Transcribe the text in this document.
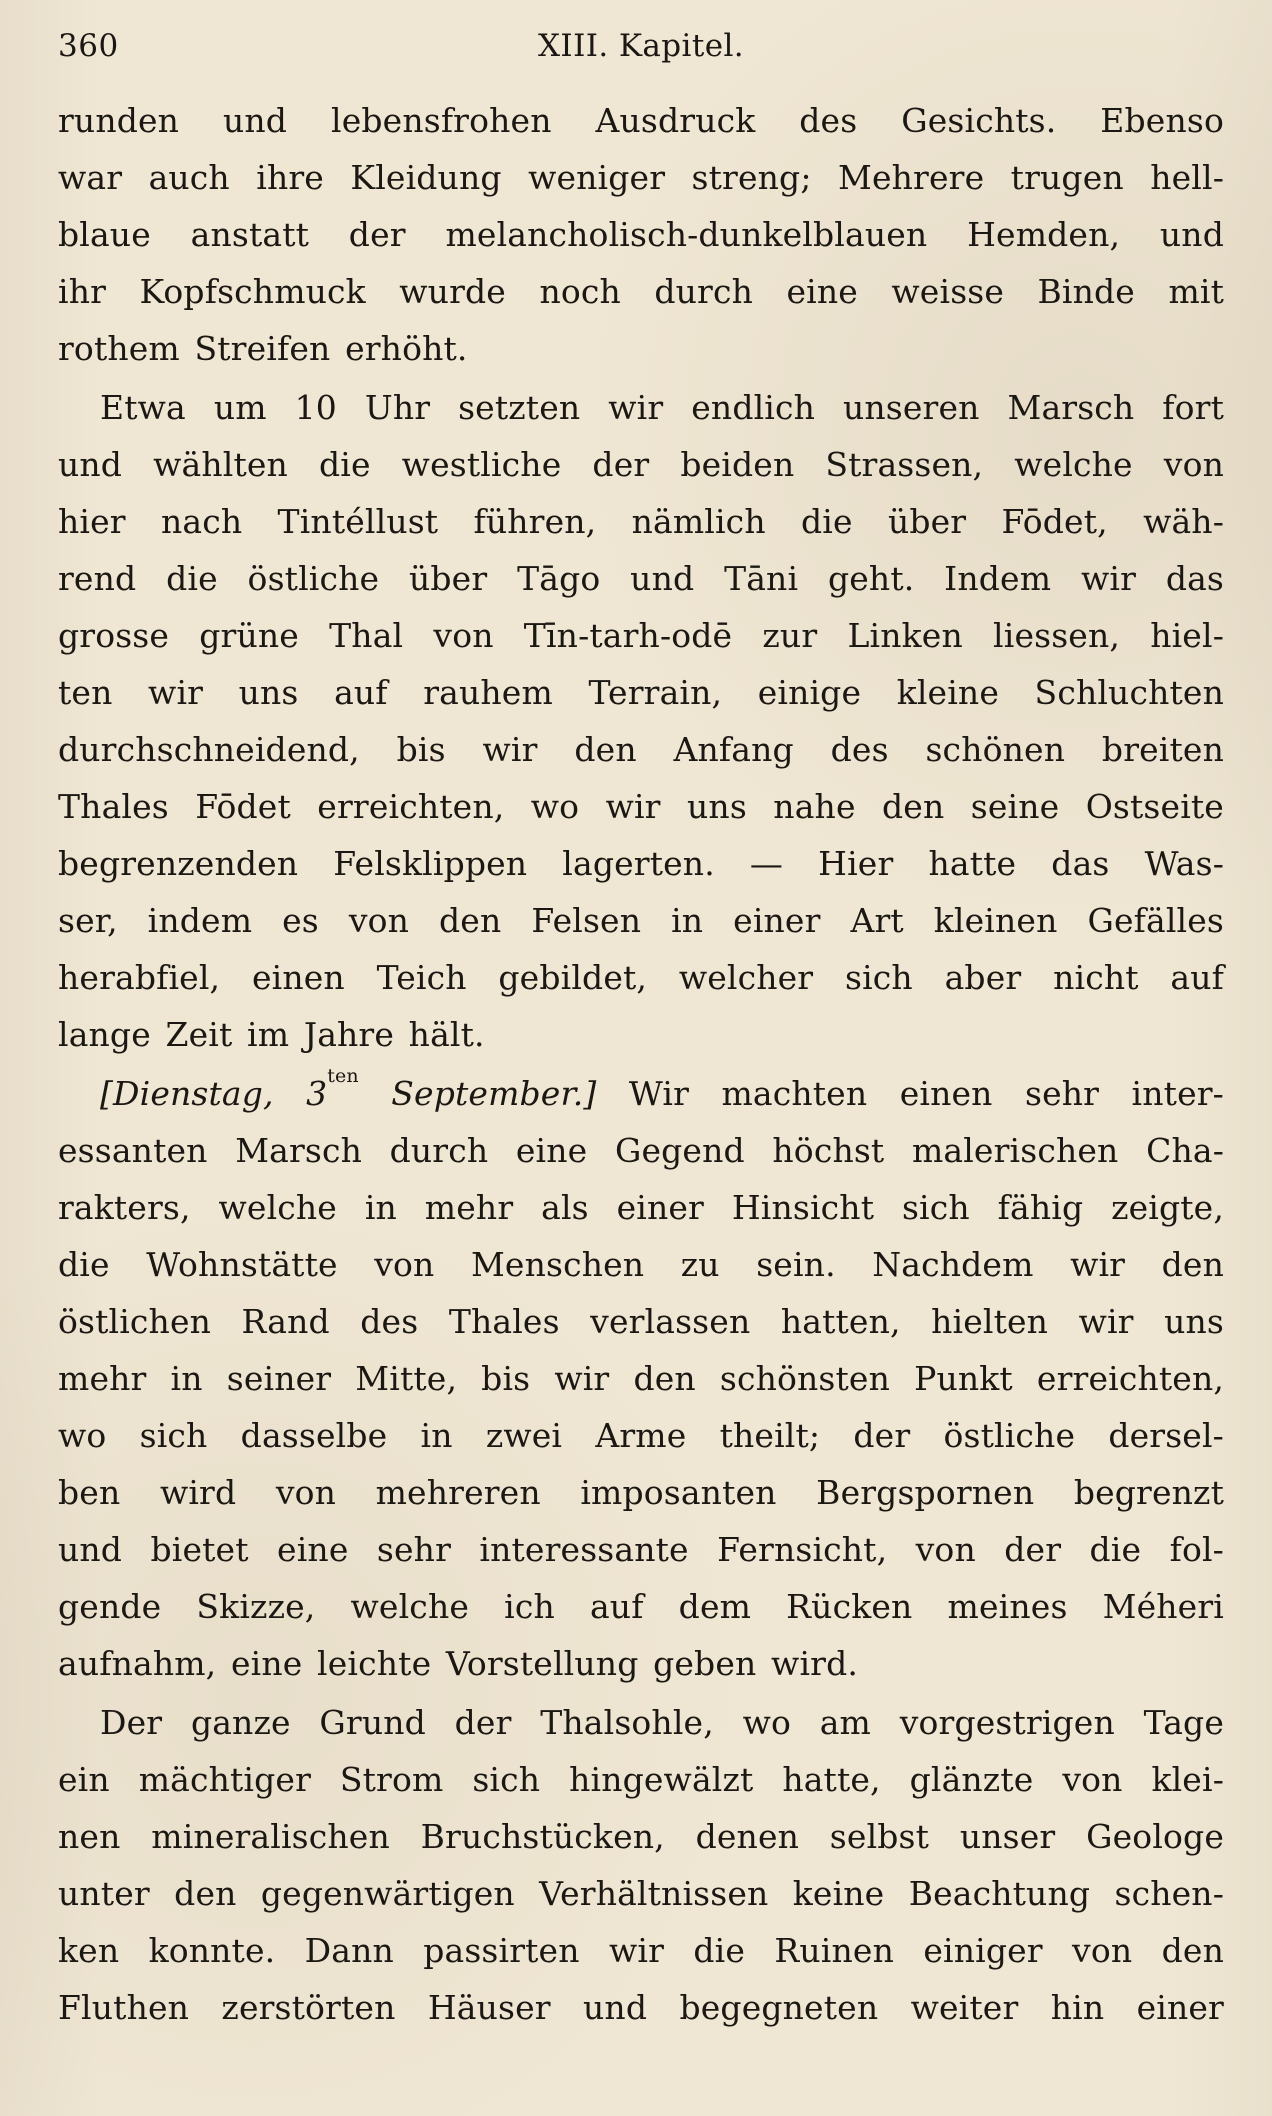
360	XIII. Kapitel.
runden und lebensfrohen Ausdruck des Gesichts. Ebenso
war auch ihre Kleidung weniger streng; Mehrere trugen hell-
blaue anstatt der melancholisch-dunkelblauen Hemden, und
ihr Kopfschmuck wurde noch durch eine weisse Binde mit
rothem Streifen erhöht.
Etwa um 10 Uhr setzten wir endlich unseren Marsch fort
und wählten die westliche der beiden Strassen, welche von
hier nach Tintéllust führen, nämlich die über Fōdet, wäh-
rend die östliche über Tāgo und Tāni geht. Indem wir das
grosse grüne Thal von Tīn-tarh-odē zur Linken liessen, hiel-
ten wir uns auf rauhem Terrain, einige kleine Schluchten
durchschneidend, bis wir den Anfang des schönen breiten
Thales Fōdet erreichten, wo wir uns nahe den seine Ostseite
begrenzenden Felsklippen lagerten. — Hier hatte das Was-
ser, indem es von den Felsen in einer Art kleinen Gefälles
herabfiel, einen Teich gebildet, welcher sich aber nicht auf
lange Zeit im Jahre hält.
[Dienstag, $3^{ten}$ September.] Wir machten einen sehr inter-
essanten Marsch durch eine Gegend höchst malerischen Cha-
rakters, welche in mehr als einer Hinsicht sich fähig zeigte,
die Wohnstätte von Menschen zu sein. Nachdem wir den
östlichen Rand des Thales verlassen hatten, hielten wir uns
mehr in seiner Mitte, bis wir den schönsten Punkt erreichten,
wo sich dasselbe in zwei Arme theilt; der östliche dersel-
ben wird von mehreren imposanten Bergspornen begrenzt
und bietet eine sehr interessante Fernsicht, von der die fol-
gende Skizze, welche ich auf dem Rücken meines Méheri
aufnahm, eine leichte Vorstellung geben wird.
Der ganze Grund der Thalsohle, wo am vorgestrigen Tage
ein mächtiger Strom sich hingewälzt hatte, glänzte von klei-
nen mineralischen Bruchstücken, denen selbst unser Geologe
unter den gegenwärtigen Verhältnissen keine Beachtung schen-
ken konnte. Dann passirten wir die Ruinen einiger von den
Fluthen zerstörten Häuser und begegneten weiter hin einer
